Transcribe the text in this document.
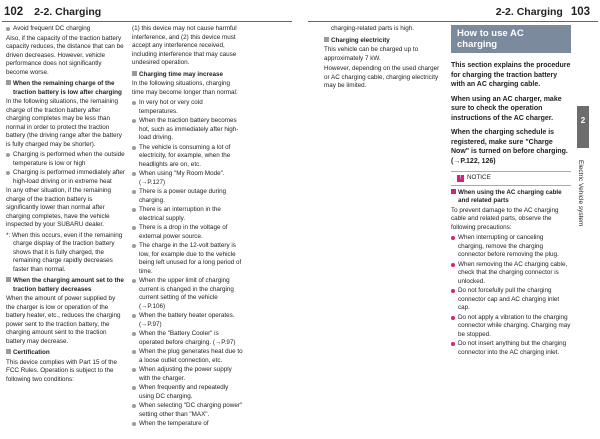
102 2-2. Charging	103
2-2. Charging
Avoid frequent DC charging

Also, if the capacity of the traction battery capacity reduces, the distance that can be driven decreases. However, vehicle performance does not significantly become worse.

When the remaining charge of the traction battery is low after charging

In the following situations, the remaining charge of the traction battery after charging completes may be less than normal in order to protect the traction battery (the driving range after the battery is fully charged may be shorter).

Charging is performed when the outside temperature is low or high
Charging is performed immediately after high-load driving or in extreme heat

In any other situation, if the remaining charge of the traction battery is significantly lower than normal after charging completes, have the vehicle inspected by your SUBARU dealer.

*: When this occurs, even if the remaining charge display of the traction battery shows that it is fully charged, the remaining charge rapidly decreases faster than normal.

When the charging amount set to the traction battery decreases

When the amount of power supplied by the charger is low or operation of the battery heater, etc., reduces the charging power sent to the traction battery, the charging amount sent to the traction battery may decrease.

Certification

This device complies with Part 15 of the FCC Rules. Operation is subject to the following two conditions:

(1) this device may not cause harmful interference, and (2) this device must accept any interference received, including interference that may cause undesired operation.

Charging time may increase

In the following situations, charging time may become longer than normal:

In very hot or very cold temperatures.
When the traction battery becomes hot, such as immediately after high-load driving.
The vehicle is consuming a lot of electricity, for example, when the headlights are on, etc.
When using "My Room Mode". (→P.127)
There is a power outage during charging.
There is an interruption in the electrical supply.
There is a drop in the voltage of external power source.
The charge in the 12-volt battery is low, for example due to the vehicle being left unused for a long period of time.
When the upper limit of charging current is changed in the charging current setting of the vehicle (→P.106)
When the battery heater operates. (→P.97)
When the "Battery Cooler" is operated before charging. (→P.97)
When the plug generates heat due to a loose outlet connection, etc.
When adjusting the power supply with the charger.
When frequently and repeatedly using DC charging.
When selecting "DC charging power" setting other than "MAX".
When the temperature of

charging-related parts is high.

Charging electricity

This vehicle can be charged up to approximately 7 kW.

However, depending on the used charger or AC charging cable, charging electricity may be limited.

How to use AC charging

This section explains the procedure for charging the traction battery with an AC charging cable.

When using an AC charger, make sure to check the operation instructions of the AC charger.

When the charging schedule is registered, make sure "Charge Now" is turned on before charging. (→P.122, 126)

! NOTICE
When using the AC charging cable and related parts

To prevent damage to the AC charging cable and related parts, observe the following precautions:

When interrupting or canceling charging, remove the charging connector before removing the plug.
When removing the AC charging cable, check that the charging connector is unlocked.
Do not forcefully pull the charging connector cap and AC charging inlet cap.
Do not apply a vibration to the charging connector while charging. Charging may be stopped.
Do not insert anything but the charging connector into the AC charging inlet.
2
Electric Vehicle system
